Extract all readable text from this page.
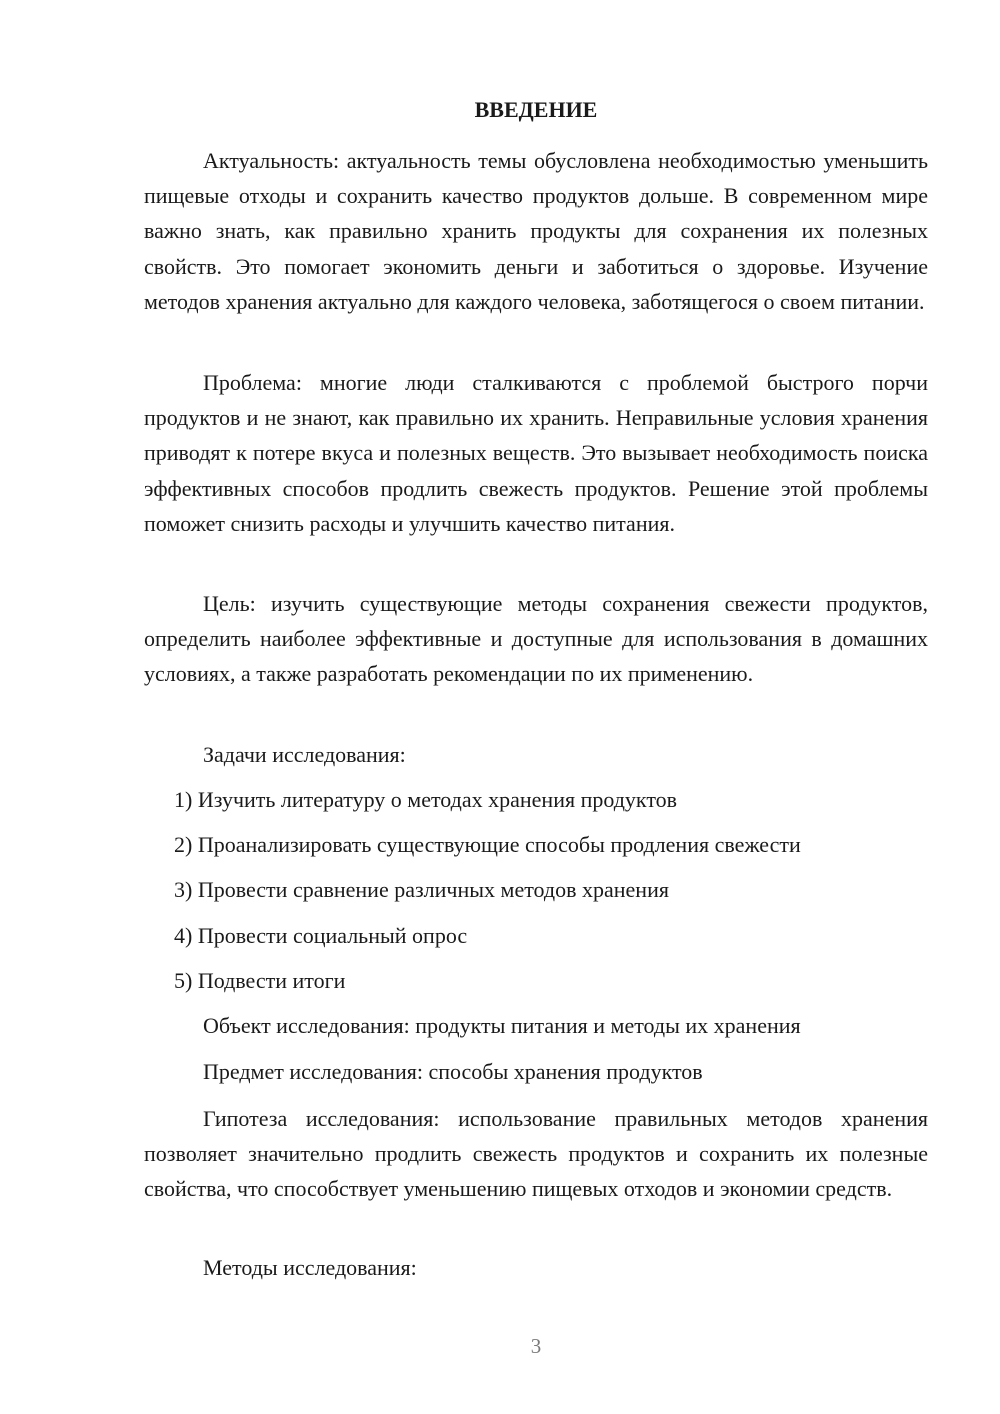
ВВЕДЕНИЕ

Актуальность: актуальность темы обусловлена необходимостью уменьшить пищевые отходы и сохранить качество продуктов дольше. В современном мире важно знать, как правильно хранить продукты для сохранения их полезных свойств. Это помогает экономить деньги и заботиться о здоровье. Изучение методов хранения актуально для каждого человека, заботящегося о своем питании.

Проблема: многие люди сталкиваются с проблемой быстрого порчи продуктов и не знают, как правильно их хранить. Неправильные условия хранения приводят к потере вкуса и полезных веществ. Это вызывает необходимость поиска эффективных способов продлить свежесть продуктов. Решение этой проблемы поможет снизить расходы и улучшить качество питания.

Цель: изучить существующие методы сохранения свежести продуктов, определить наиболее эффективные и доступные для использования в домашних условиях, а также разработать рекомендации по их применению.

Задачи исследования:

1) Изучить литературу о методах хранения продуктов

2) Проанализировать существующие способы продления свежести

3) Провести сравнение различных методов хранения

4) Провести социальный опрос

5) Подвести итоги

Объект исследования: продукты питания и методы их хранения

Предмет исследования: способы хранения продуктов

Гипотеза исследования: использование правильных методов хранения позволяет значительно продлить свежесть продуктов и сохранить их полезные свойства, что способствует уменьшению пищевых отходов и экономии средств.

Методы исследования:

3
